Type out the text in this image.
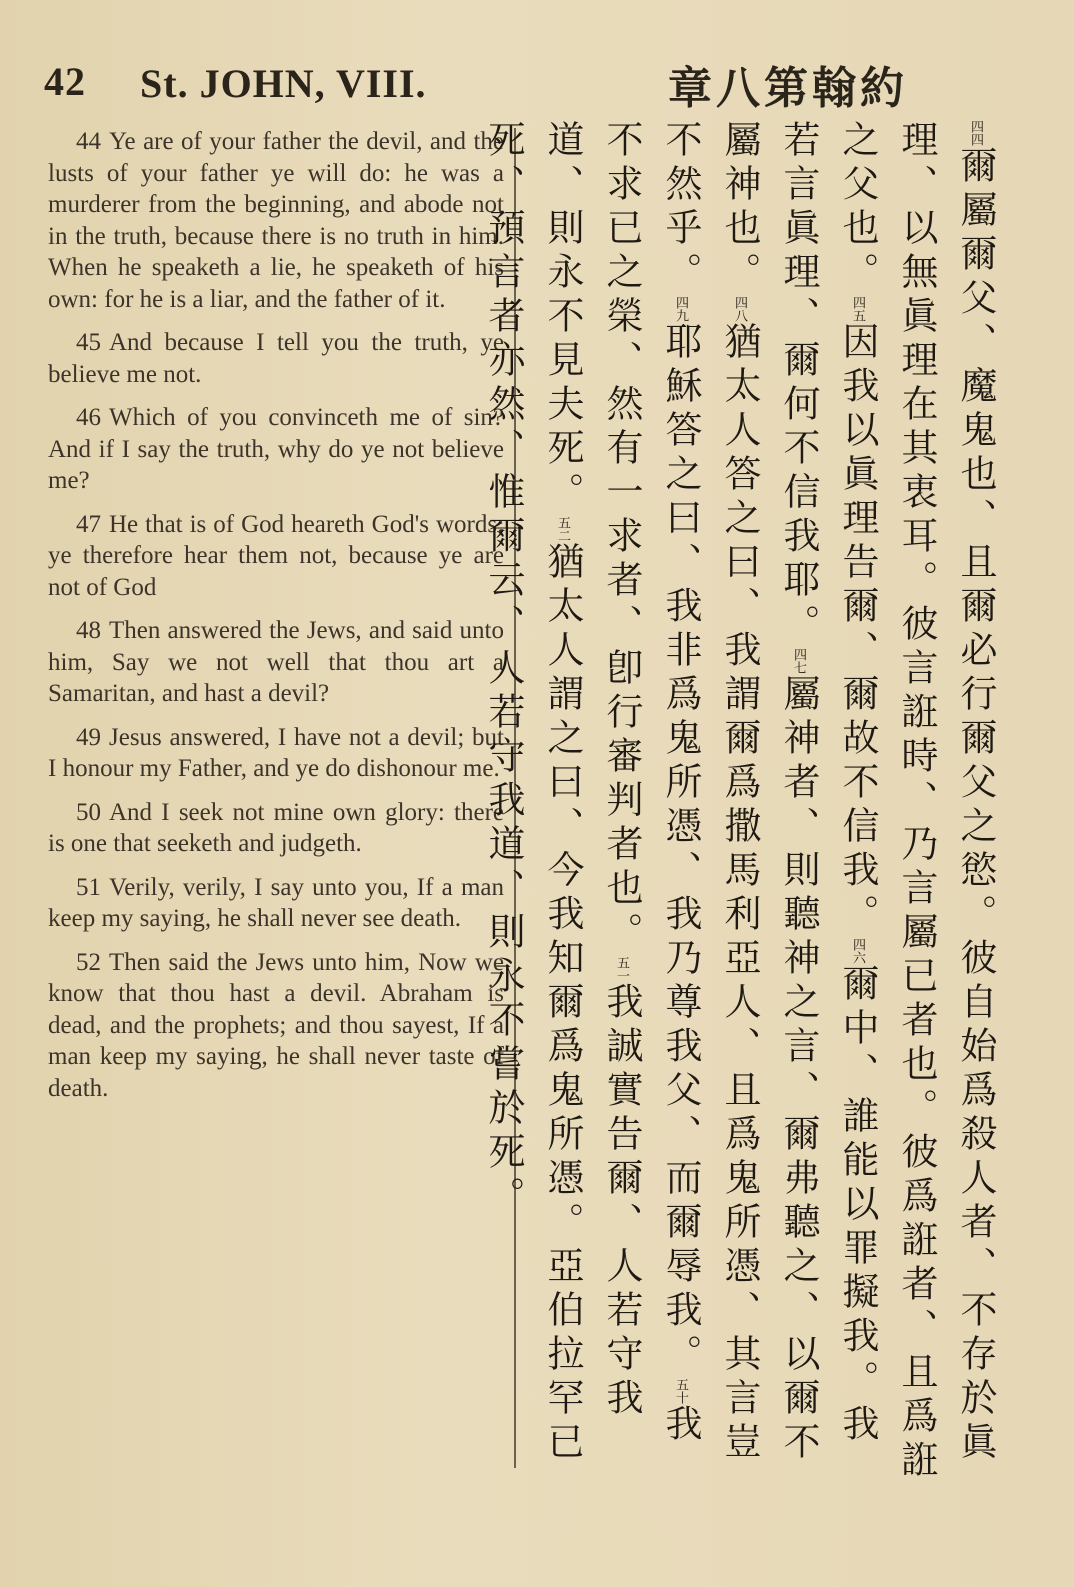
42 St. JOHN, VIII.	約翰第八章

44 Ye are of your father the devil, and the lusts of your father ye will do: he was a murderer from the beginning, and abode not in the truth, because there is no truth in him. When he speaketh a lie, he speaketh of his own: for he is a liar, and the father of it.

45 And because I tell you the truth, ye believe me not.

46 Which of you convinceth me of sin? And if I say the truth, why do ye not believe me?

47 He that is of God heareth God's words: ye therefore hear them not, because ye are not of God

48 Then answered the Jews, and said unto him, Say we not well that thou art a Samaritan, and hast a devil?

49 Jesus answered, I have not a devil; but I honour my Father, and ye do dishonour me.

50 And I seek not mine own glory: there is one that seeketh and judgeth.

51 Verily, verily, I say unto you, If a man keep my saying, he shall never see death.

52 Then said the Jews unto him, Now we know that thou hast a devil. Abraham is dead, and the prophets; and thou sayest, If a man keep my saying, he shall never taste of death.

四四爾屬爾父、魔鬼也、且爾必行爾父之慾。彼自始爲殺人者、不存於眞理、以無眞理在其衷耳。彼言誑時、乃言屬已者也。彼爲誑者、且爲誑之父也。四五因我以眞理告爾、爾故不信我。四六爾中、誰能以罪擬我。我若言眞理、爾何不信我耶。四七屬神者、則聽神之言、爾弗聽之、以爾不屬神也。四八猶太人答之曰、我謂爾爲撒馬利亞人、且爲鬼所憑、其言豈不然乎。四九耶穌答之曰、我非爲鬼所憑、我乃尊我父、而爾辱我。五十我不求已之榮、然有一求者、卽行審判者也。五一我誠實告爾、人若守我道、則永不見夫死。五二猶太人謂之曰、今我知爾爲鬼所憑。亞伯拉罕已死、預言者亦然、惟爾云、人若守我道、則永不嘗於死。
